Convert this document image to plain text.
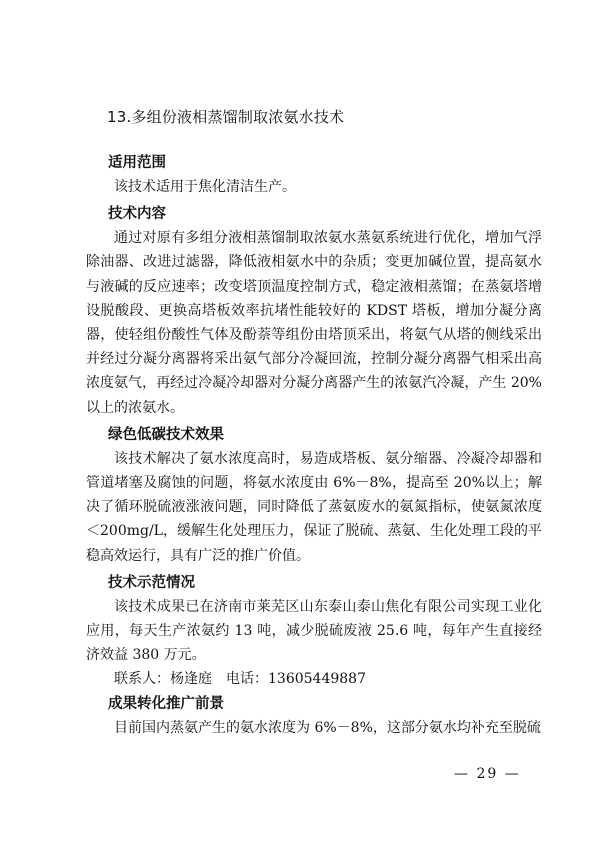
13.多组份液相蒸馏制取浓氨水技术
适用范围

该技术适用于焦化清洁生产。

技术内容

通过对原有多组分液相蒸馏制取浓氨水蒸氨系统进行优化，增加气浮除油器、改进过滤器，降低液相氨水中的杂质；变更加碱位置，提高氨水与液碱的反应速率；改变塔顶温度控制方式，稳定液相蒸馏；在蒸氨塔增设脱酸段、更换高塔板效率抗堵性能较好的 KDST 塔板，增加分凝分离器，使轻组份酸性气体及酚萘等组份由塔顶采出，将氨气从塔的侧线采出并经过分凝分离器将采出氨气部分冷凝回流，控制分凝分离器气相采出高浓度氨气，再经过冷凝冷却器对分凝分离器产生的浓氨汽冷凝，产生 20%以上的浓氨水。

绿色低碳技术效果

该技术解决了氨水浓度高时，易造成塔板、氨分缩器、冷凝冷却器和管道堵塞及腐蚀的问题，将氨水浓度由 6%－8%，提高至 20%以上；解决了循环脱硫液涨液问题，同时降低了蒸氨废水的氨氮指标，使氨氮浓度＜200mg/L，缓解生化处理压力，保证了脱硫、蒸氨、生化处理工段的平稳高效运行，具有广泛的推广价值。

技术示范情况

该技术成果已在济南市莱芜区山东泰山泰山焦化有限公司实现工业化应用，每天生产浓氨约 13 吨，减少脱硫废液 25.6 吨，每年产生直接经济效益 380 万元。

联系人：杨逢庭　电话：13605449887

成果转化推广前景

目前国内蒸氨产生的氨水浓度为 6%－8%，这部分氨水均补充至脱硫

— 29 —
